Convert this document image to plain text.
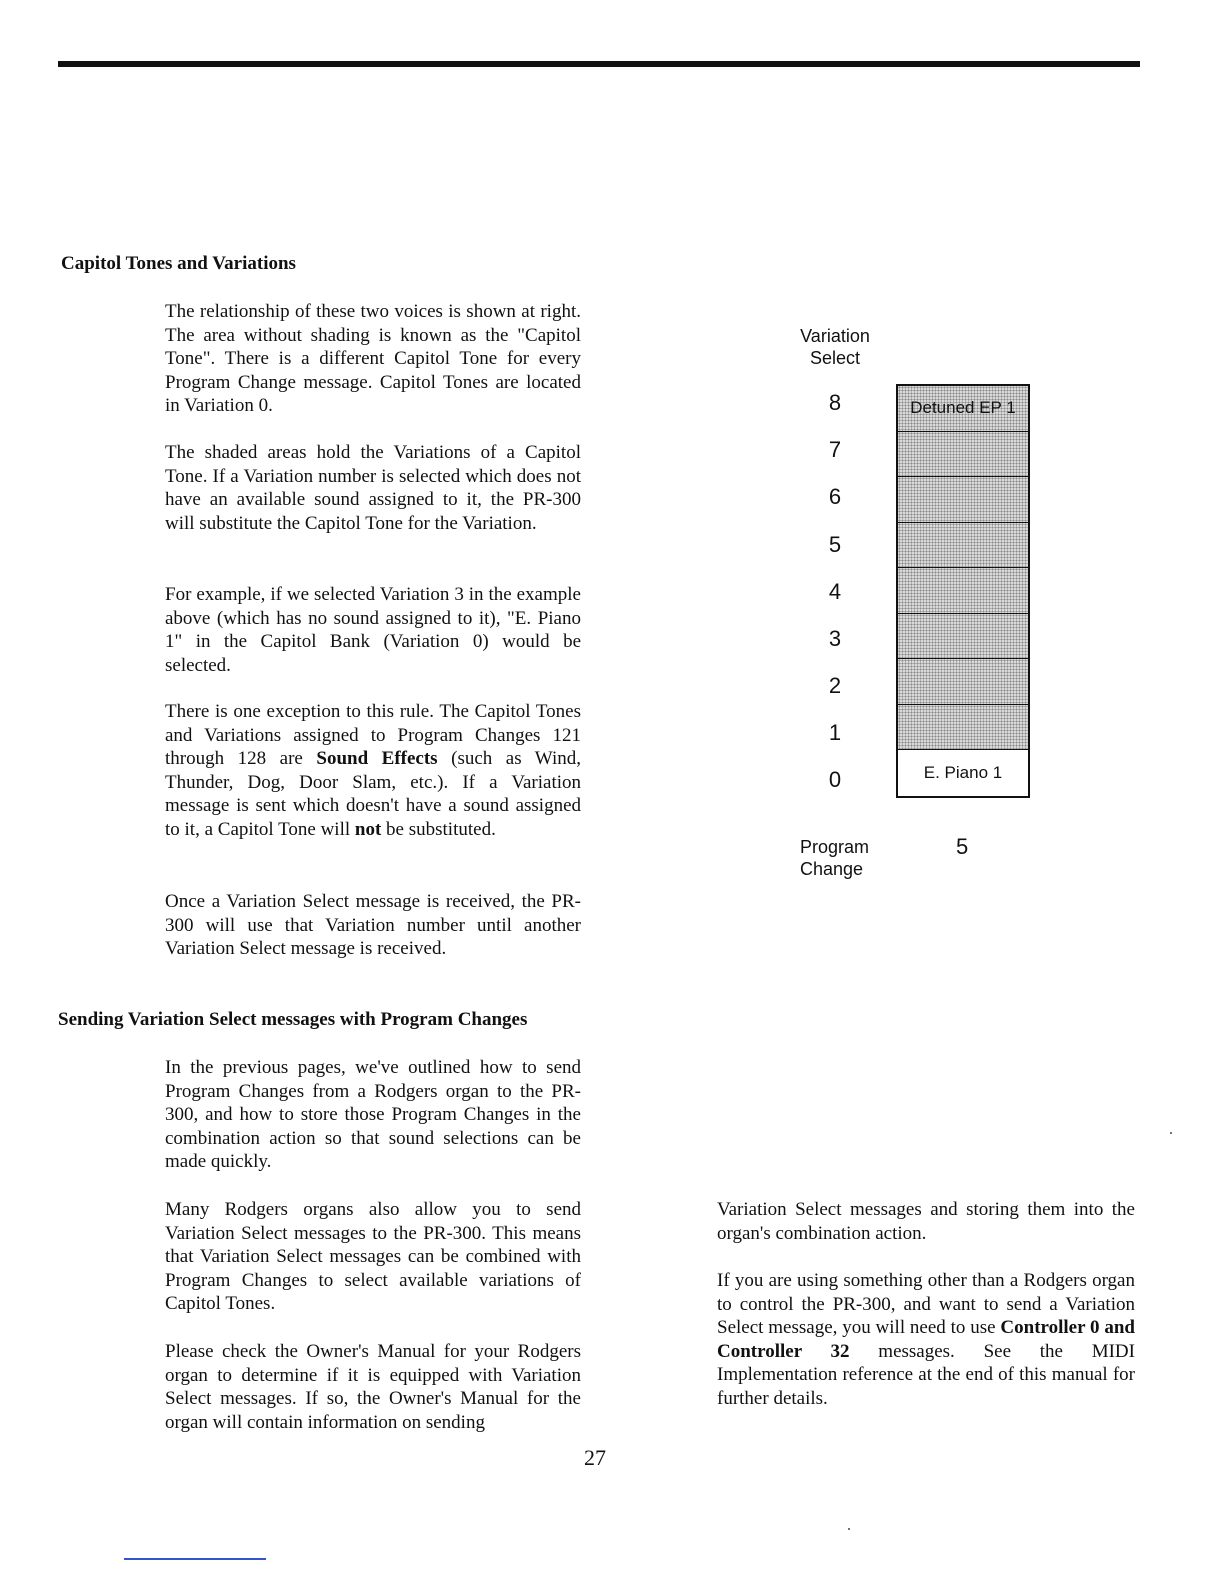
Capitol Tones and Variations

The relationship of these two voices is shown at right. The area without shading is known as the "Capitol Tone". There is a different Capitol Tone for every Program Change message. Capitol Tones are located in Variation 0.

The shaded areas hold the Variations of a Capitol Tone. If a Variation number is selected which does not have an available sound assigned to it, the PR-300 will substitute the Capitol Tone for the Variation.

For example, if we selected Variation 3 in the example above (which has no sound assigned to it), "E. Piano 1" in the Capitol Bank (Variation 0) would be selected.

There is one exception to this rule. The Capitol Tones and Variations assigned to Program Changes 121 through 128 are Sound Effects (such as Wind, Thunder, Dog, Door Slam, etc.). If a Variation message is sent which doesn't have a sound assigned to it, a Capitol Tone will not be substituted.

Once a Variation Select message is received, the PR-300 will use that Variation number until another Variation Select message is received.

Variation
Select
8
7
6
5
4
3
2
1
0
Detuned EP 1
E. Piano 1
Program
Change
5
Sending Variation Select messages with Program Changes

In the previous pages, we've outlined how to send Program Changes from a Rodgers organ to the PR-300, and how to store those Program Changes in the combination action so that sound selections can be made quickly.

Many Rodgers organs also allow you to send Variation Select messages to the PR-300. This means that Variation Select messages can be combined with Program Changes to select available variations of Capitol Tones.

Please check the Owner's Manual for your Rodgers organ to determine if it is equipped with Variation Select messages. If so, the Owner's Manual for the organ will contain information on sending

Variation Select messages and storing them into the organ's combination action.

If you are using something other than a Rodgers organ to control the PR-300, and want to send a Variation Select message, you will need to use Controller 0 and Controller 32 messages. See the MIDI Implementation reference at the end of this manual for further details.

27
